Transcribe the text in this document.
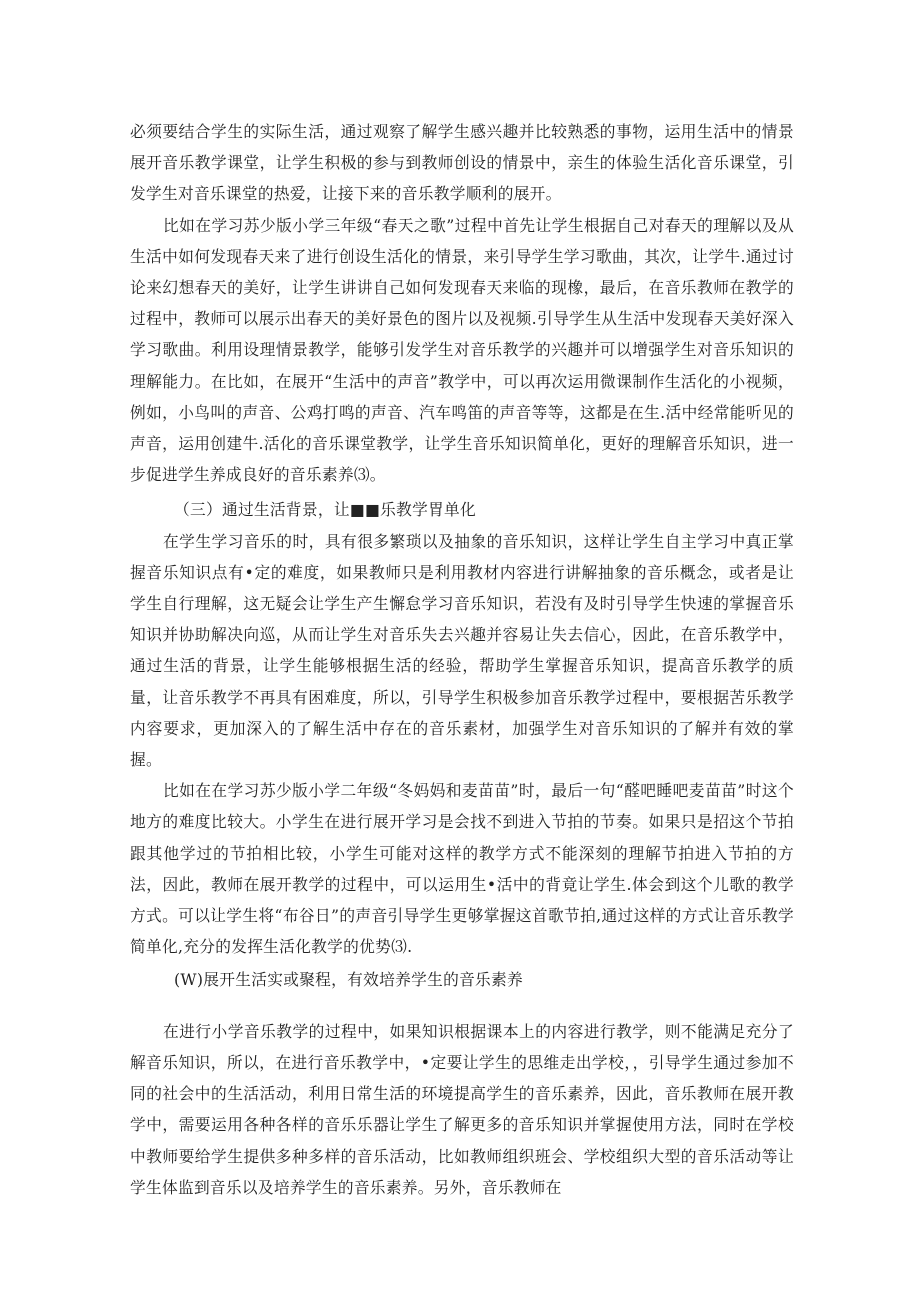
必须要结合学生的实际生活，通过观察了解学生感兴趣并比较熟悉的事物，运用生活中的情景展开音乐教学课堂，让学生积极的参与到教师创设的情景中，亲生的体验生活化音乐课堂，引发学生对音乐课堂的热爱，让接下来的音乐教学顺利的展开。

比如在学习苏少版小学三年级“春天之歌”过程中首先让学生根据自己对春天的理解以及从生活中如何发现春天来了进行创设生活化的情景，来引导学生学习歌曲，其次，让学牛.通过讨论来幻想春天的美好，让学生讲讲自己如何发现春天来临的现橡，最后，在音乐教师在教学的过程中，教师可以展示出春天的美好景色的图片以及视频.引导学生从生活中发现春天美好深入学习歌曲。利用设理情景教学，能够引发学生对音乐教学的兴趣并可以增强学生对音乐知识的理解能力。在比如，在展开“生活中的声音”教学中，可以再次运用微课制作生活化的小视频，例如，小鸟叫的声音、公鸡打鸣的声音、汽车鸣笛的声音等等，这都是在生.活中经常能听见的声音，运用创建牛.活化的音乐课堂教学，让学生音乐知识简单化，更好的理解音乐知识，进一步促进学生养成良好的音乐素养⑶。

（三）通过生活背景，让■■乐教学胃单化

在学生学习音乐的时，具有很多繁琐以及抽象的音乐知识，这样让学生自主学习中真正掌握音乐知识点有•定的难度，如果教师只是利用教材内容进行讲解抽象的音乐概念，或者是让学生自行理解，这无疑会让学生产生懈怠学习音乐知识，若没有及时引导学生快速的掌握音乐知识并协助解决向巡，从而让学生对音乐失去兴趣并容易让失去信心，因此，在音乐教学中，通过生活的背景，让学生能够根据生活的经验，帮助学生掌握音乐知识，提高音乐教学的质量，让音乐教学不再具有困难度，所以，引导学生积极参加音乐教学过程中，要根据苦乐教学内容要求，更加深入的了解生活中存在的音乐素材，加强学生对音乐知识的了解并有效的掌握。

比如在在学习苏少版小学二年级“冬妈妈和麦苗苗”时，最后一句“醛吧睡吧麦苗苗”时这个地方的难度比较大。小学生在进行展开学习是会找不到进入节拍的节奏。如果只是招这个节拍跟其他学过的节拍相比较，小学生可能对这样的教学方式不能深刻的理解节拍进入节拍的方法，因此，教师在展开教学的过程中，可以运用生•活中的背竟让学生.体会到这个儿歌的教学方式。可以让学生将“布谷日”的声音引导学生更够掌握这首歌节拍,通过这样的方式让音乐教学简单化,充分的发挥生活化教学的优势⑶.

(W)展开生活实或聚程，有效培养学生的音乐素养

在进行小学音乐教学的过程中，如果知识根据课本上的内容进行教学，则不能满足充分了解音乐知识，所以，在进行音乐教学中，•定要让学生的思维走出学校，，引导学生通过参加不同的社会中的生活活动，利用日常生活的环境提高学生的音乐素养，因此，音乐教师在展开教学中，需要运用各种各样的音乐乐器让学生了解更多的音乐知识并掌握使用方法，同时在学校中教师要给学生提供多种多样的音乐活动，比如教师组织班会、学校组织大型的音乐活动等让学生体监到音乐以及培养学生的音乐素养。另外，音乐教师在
